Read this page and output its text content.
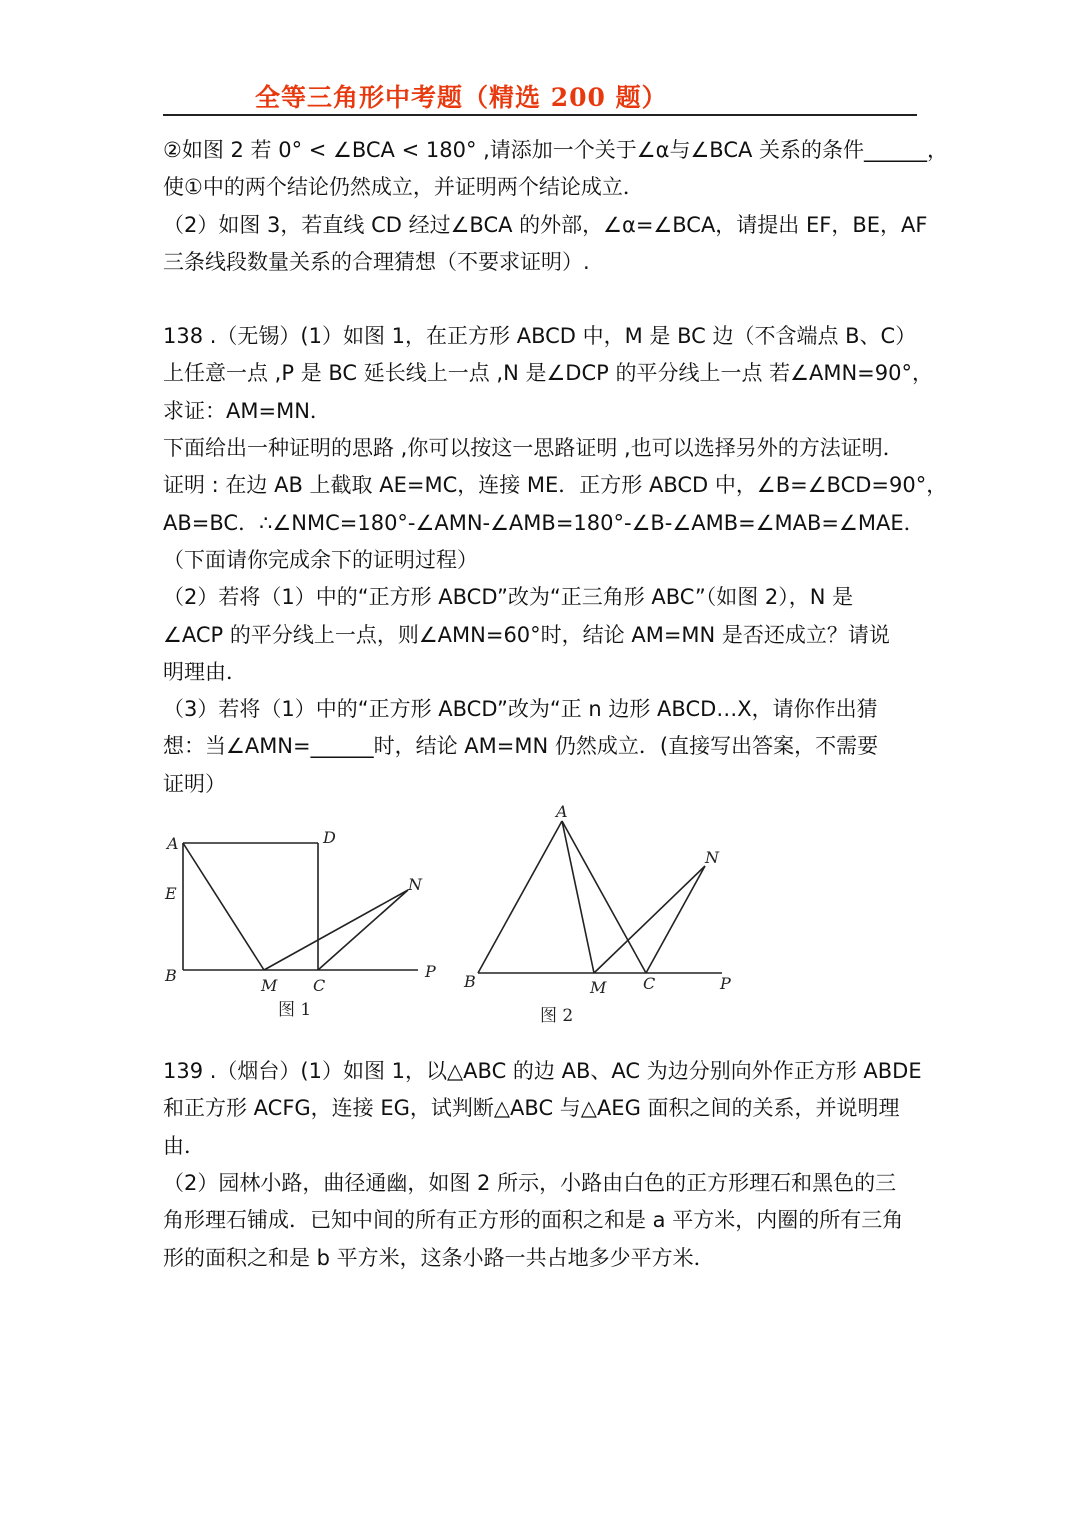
全等三角形中考题（精选 200 题）

②如图 2 若 0° < ∠BCA < 180° ,请添加一个关于∠α与∠BCA 关系的条件______，

使①中的两个结论仍然成立，并证明两个结论成立．

（2）如图 3，若直线 CD 经过∠BCA 的外部，∠α=∠BCA，请提出 EF，BE，AF

三条线段数量关系的合理猜想（不要求证明）.

138 .（无锡）(1）如图 1，在正方形 ABCD 中，M 是 BC 边（不含端点 B、C）

上任意一点 ,P 是 BC 延长线上一点 ,N 是∠DCP 的平分线上一点 若∠AMN=90°，

求证：AM=MN．

下面给出一种证明的思路 ,你可以按这一思路证明 ,也可以选择另外的方法证明．

证明 : 在边 AB 上截取 AE=MC，连接 ME．正方形 ABCD 中，∠B=∠BCD=90°，

AB=BC．∴∠NMC=180°-∠AMN-∠AMB=180°-∠B-∠AMB=∠MAB=∠MAE．

（下面请你完成余下的证明过程）

（2）若将（1）中的“正方形 ABCD”改为“正三角形 ABC”（如图 2），N 是

∠ACP 的平分线上一点，则∠AMN=60°时，结论 AM=MN 是否还成立？请说

明理由．

（3）若将（1）中的“正方形 ABCD”改为“正 n 边形 ABCD…X，请你作出猜

想：当∠AMN=______时，结论 AM=MN 仍然成立．(直接写出答案，不需要

证明）

A	D
E	N
B
M C
P
图 1

A
N
B	M C	P
图 2

139 .（烟台）(1）如图 1，以△ABC 的边 AB、AC 为边分别向外作正方形 ABDE

和正方形 ACFG，连接 EG，试判断△ABC 与△AEG 面积之间的关系，并说明理

由．

（2）园林小路，曲径通幽，如图 2 所示，小路由白色的正方形理石和黑色的三

角形理石铺成．已知中间的所有正方形的面积之和是 a 平方米，内圈的所有三角

形的面积之和是 b 平方米，这条小路一共占地多少平方米．
